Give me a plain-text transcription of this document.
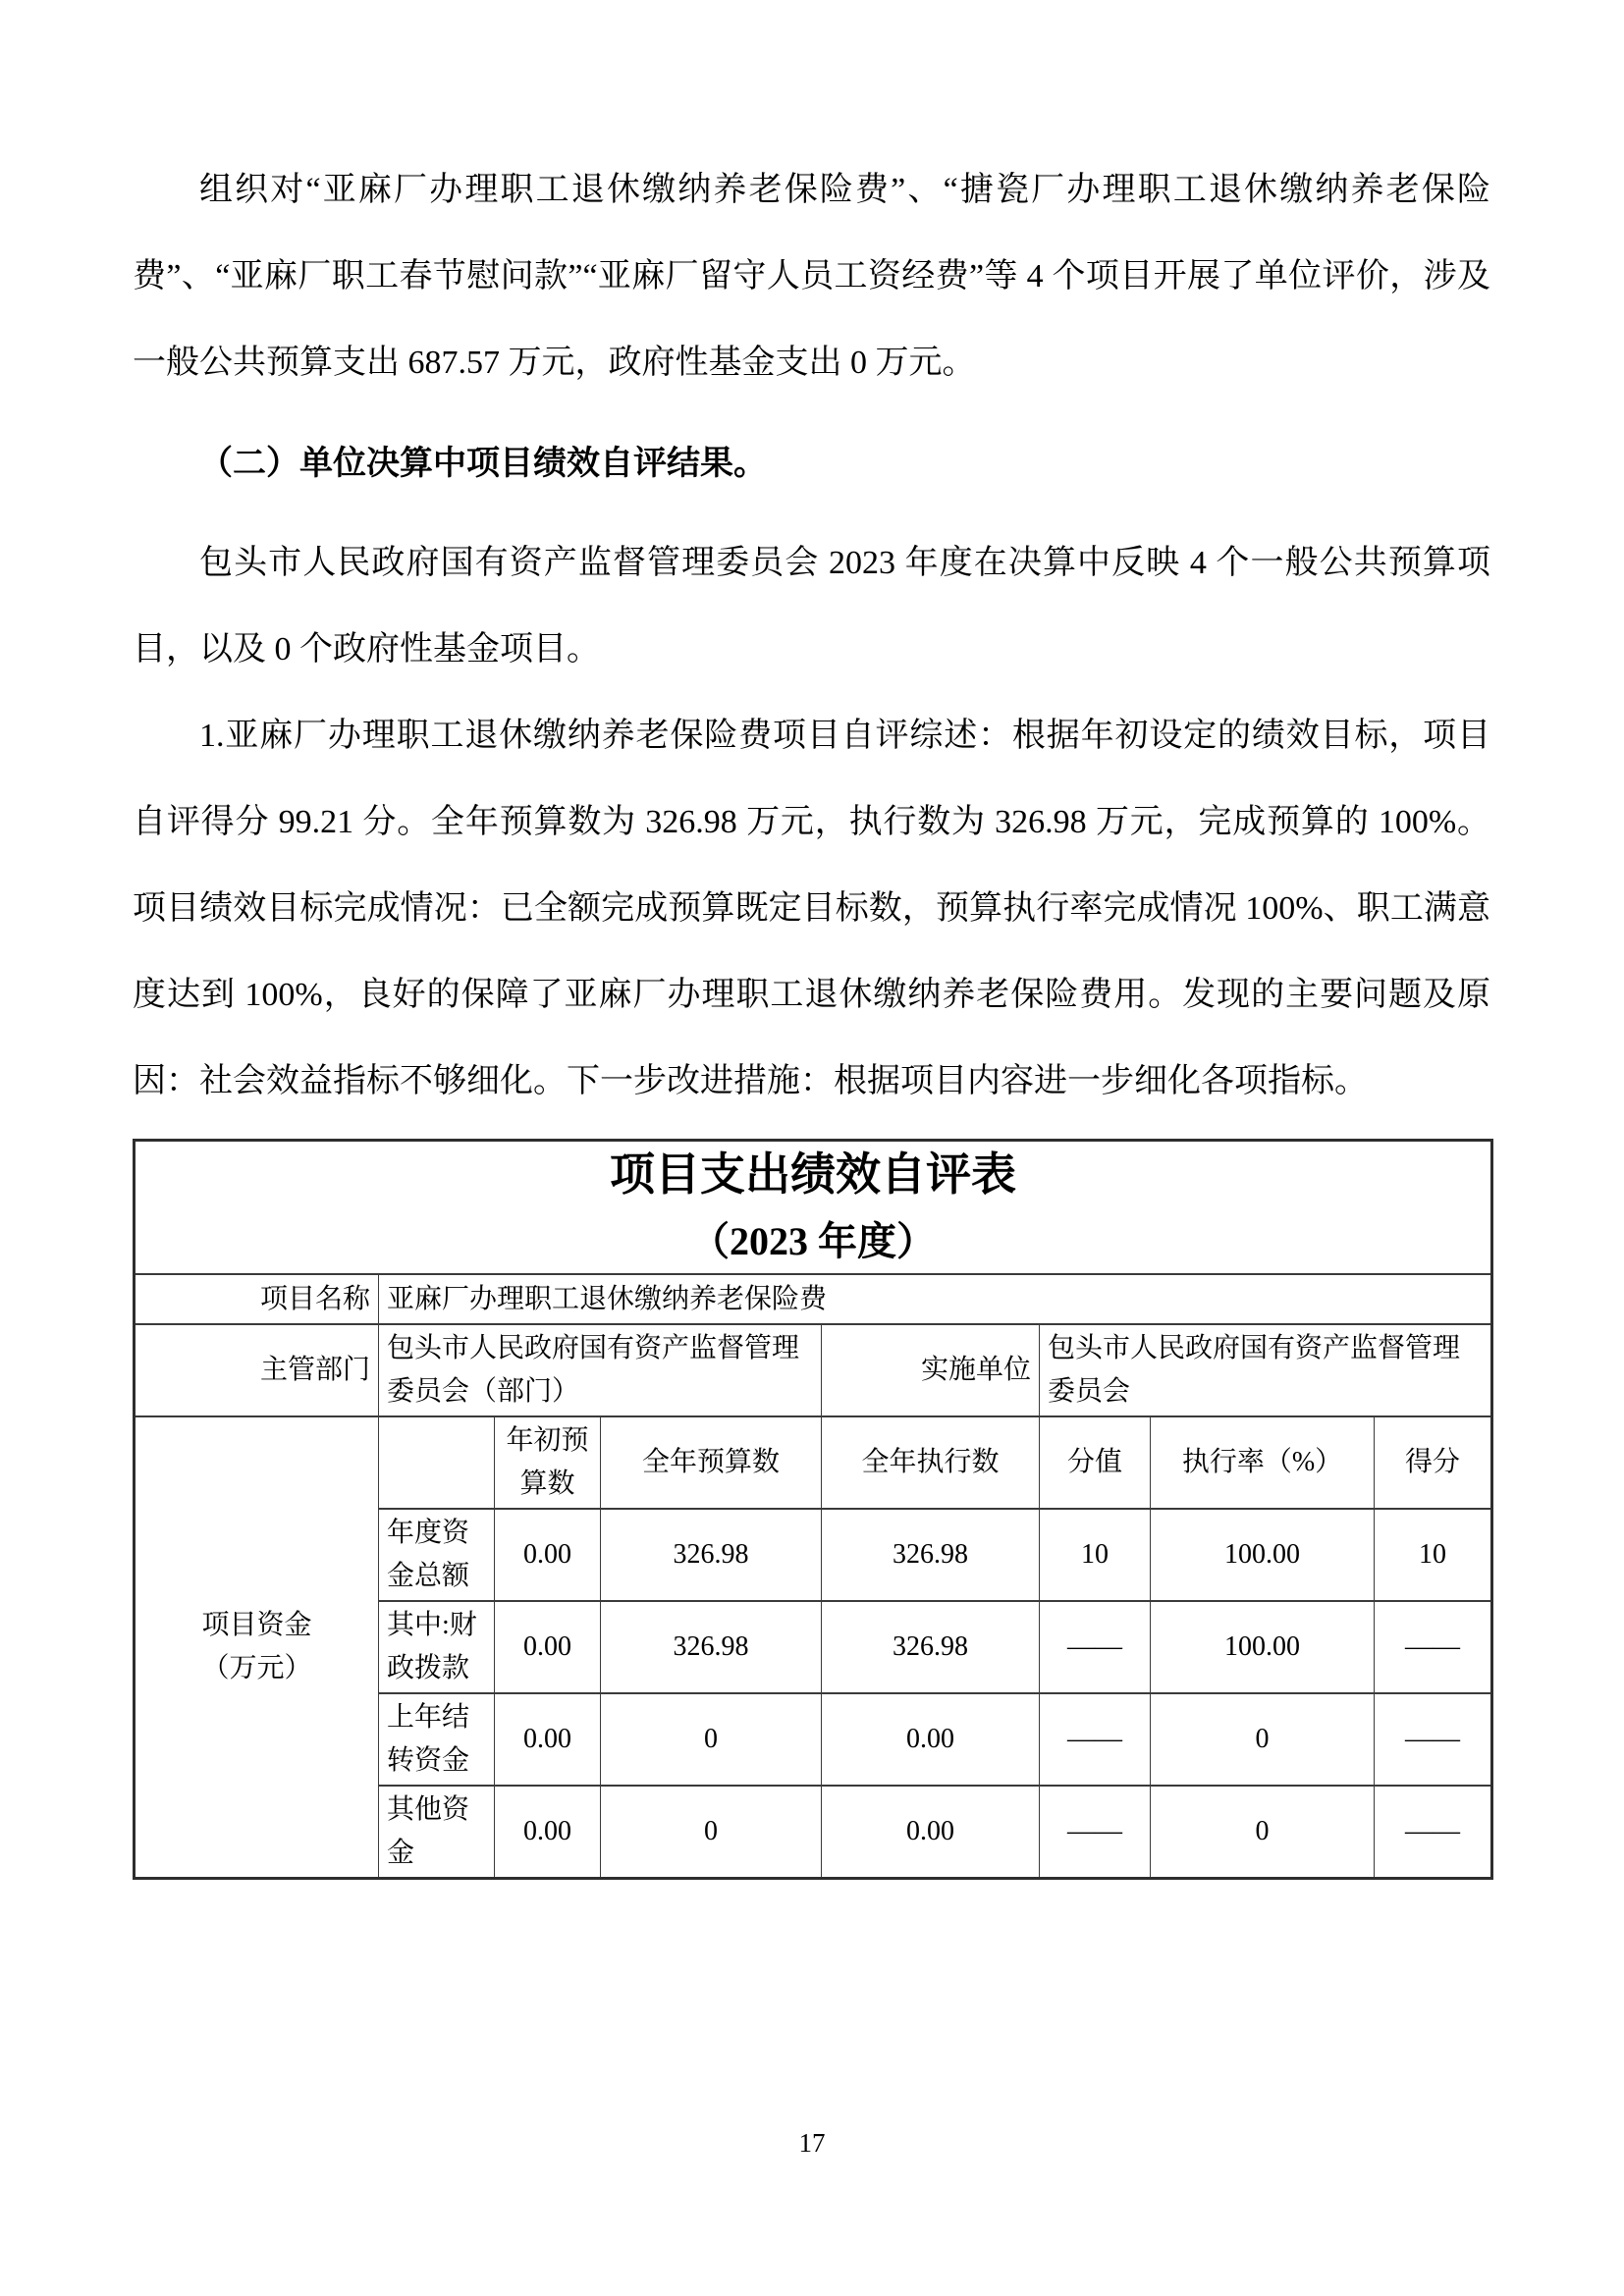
组织对“亚麻厂办理职工退休缴纳养老保险费”、“搪瓷厂办理职工退休缴纳养老保险费”、“亚麻厂职工春节慰问款”“亚麻厂留守人员工资经费”等 4 个项目开展了单位评价，涉及一般公共预算支出 687.57 万元，政府性基金支出 0 万元。

（二）单位决算中项目绩效自评结果。

包头市人民政府国有资产监督管理委员会 2023 年度在决算中反映 4 个一般公共预算项目，以及 0 个政府性基金项目。

1.亚麻厂办理职工退休缴纳养老保险费项目自评综述：根据年初设定的绩效目标，项目自评得分 99.21 分。全年预算数为 326.98 万元，执行数为 326.98 万元，完成预算的 100%。项目绩效目标完成情况：已全额完成预算既定目标数，预算执行率完成情况 100%、职工满意度达到 100%，良好的保障了亚麻厂办理职工退休缴纳养老保险费用。发现的主要问题及原因：社会效益指标不够细化。下一步改进措施：根据项目内容进一步细化各项指标。

项目支出绩效自评表
（2023 年度）							

项目名称	亚麻厂办理职工退休缴纳养老保险费						
主管部门	包头市人民政府国有资产监督管理委员会（部门）			实施单位	包头市人民政府国有资产监督管理委员会		
项目资金
（万元）		年初预算数	全年预算数	全年执行数	分值	执行率（%）	得分
	年度资金总额	0.00	326.98	326.98	10	100.00	10
	其中:财政拨款	0.00	326.98	326.98	——	100.00	——
	上年结转资金	0.00	0	0.00	——	0	——
	其他资金	0.00	0	0.00	——	0	——
17
